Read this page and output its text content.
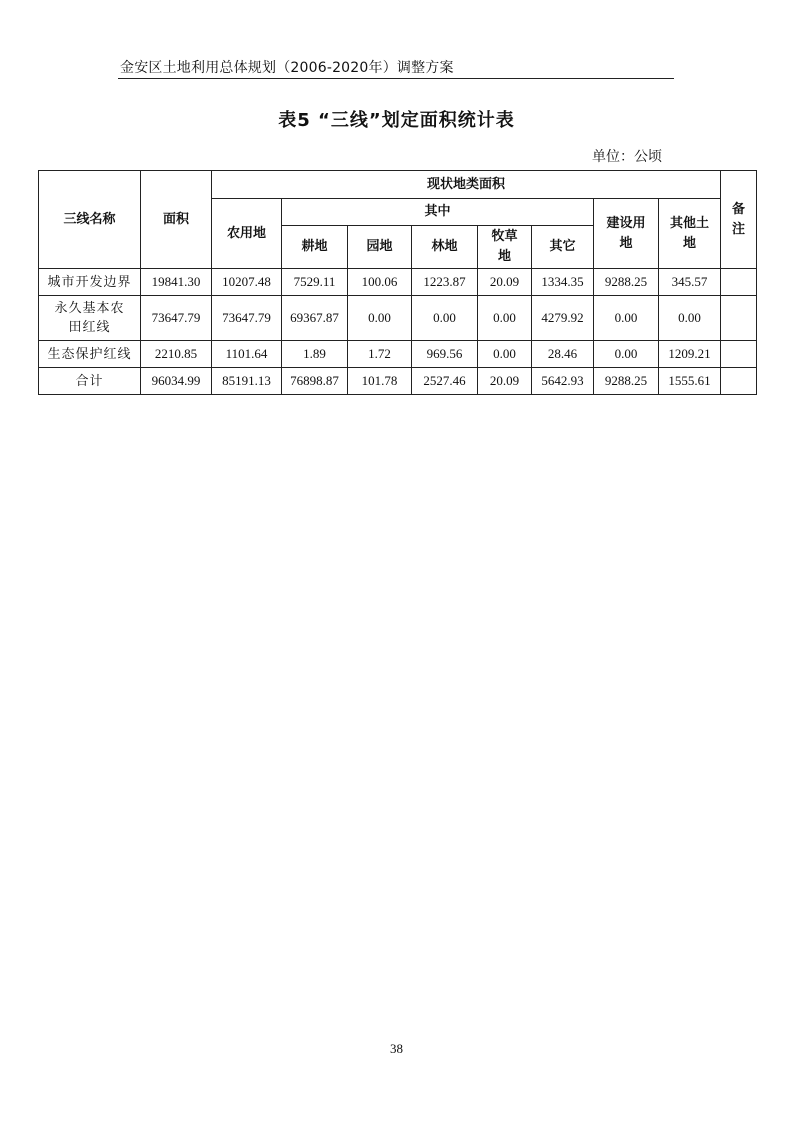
金安区土地利用总体规划（2006-2020年）调整方案
表5 “三线”划定面积统计表
单位：公顷
三线名称	面积	现状地类面积								备注
		农用地	其中					建设用地	其他土地	
			耕地	园地	林地	牧草地	其它			
城市开发边界	19841.30	10207.48	7529.11	100.06	1223.87	20.09	1334.35	9288.25	345.57	
永久基本农田红线	73647.79	73647.79	69367.87	0.00	0.00	0.00	4279.92	0.00	0.00	
生态保护红线	2210.85	1101.64	1.89	1.72	969.56	0.00	28.46	0.00	1209.21	
合计	96034.99	85191.13	76898.87	101.78	2527.46	20.09	5642.93	9288.25	1555.61	
38
